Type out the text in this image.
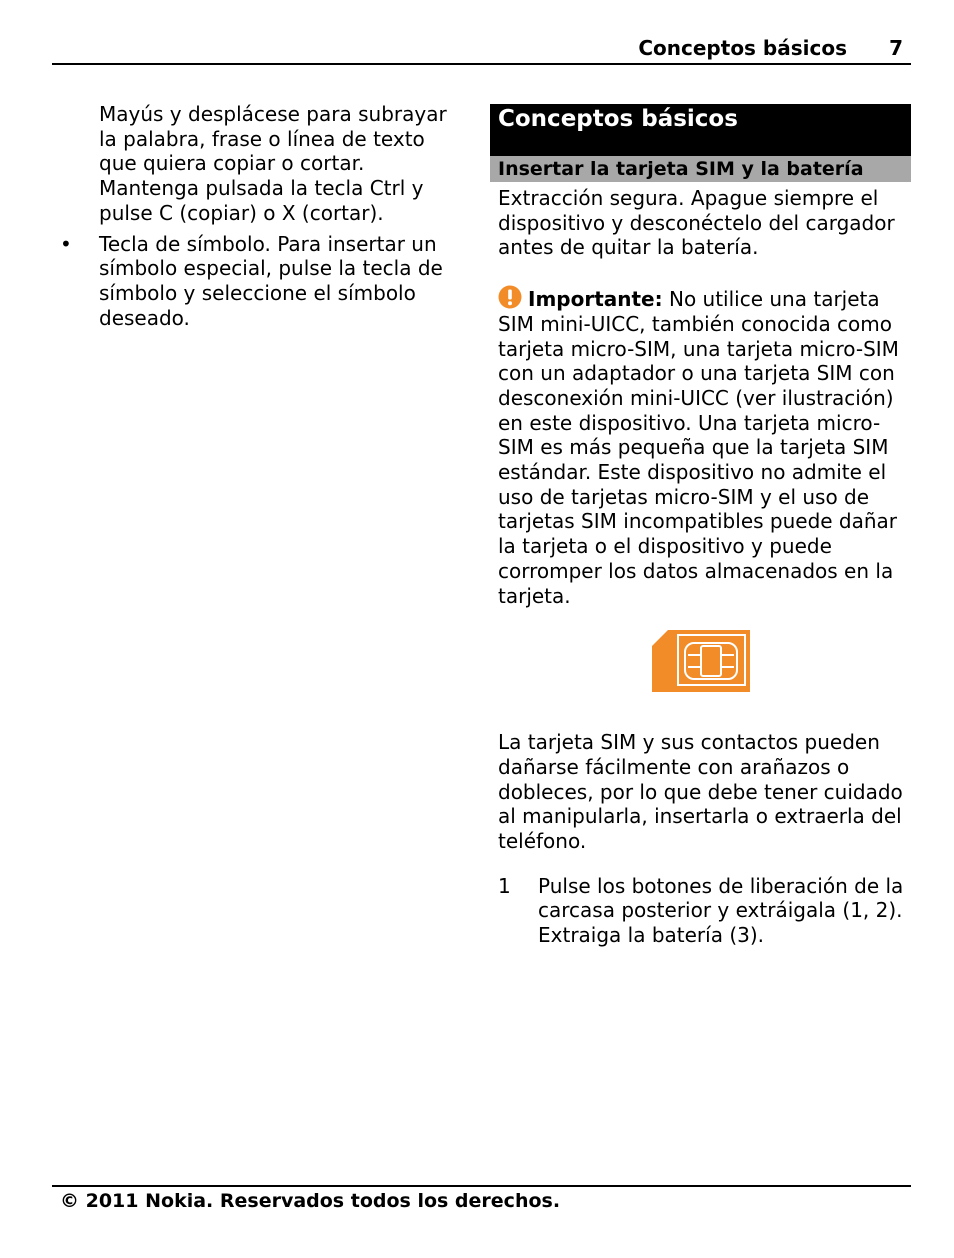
Conceptos básicos 7
Mayús y desplácese para subrayar la palabra, frase o línea de texto que quiera copiar o cortar. Mantenga pulsada la tecla Ctrl y pulse C (copiar) o X (cortar).
• Tecla de símbolo. Para insertar un símbolo especial, pulse la tecla de símbolo y seleccione el símbolo deseado.
Conceptos básicos
Insertar la tarjeta SIM y la batería
Extracción segura. Apague siempre el dispositivo y desconéctelo del cargador antes de quitar la batería.
Importante: No utilice una tarjeta SIM mini-UICC, también conocida como tarjeta micro-SIM, una tarjeta micro-SIM con un adaptador o una tarjeta SIM con desconexión mini-UICC (ver ilustración) en este dispositivo. Una tarjeta micro-SIM es más pequeña que la tarjeta SIM estándar. Este dispositivo no admite el uso de tarjetas micro-SIM y el uso de tarjetas SIM incompatibles puede dañar la tarjeta o el dispositivo y puede corromper los datos almacenados en la tarjeta.
La tarjeta SIM y sus contactos pueden dañarse fácilmente con arañazos o dobleces, por lo que debe tener cuidado al manipularla, insertarla o extraerla del teléfono.
1 Pulse los botones de liberación de la carcasa posterior y extráigala (1, 2). Extraiga la batería (3).
© 2011 Nokia. Reservados todos los derechos.
